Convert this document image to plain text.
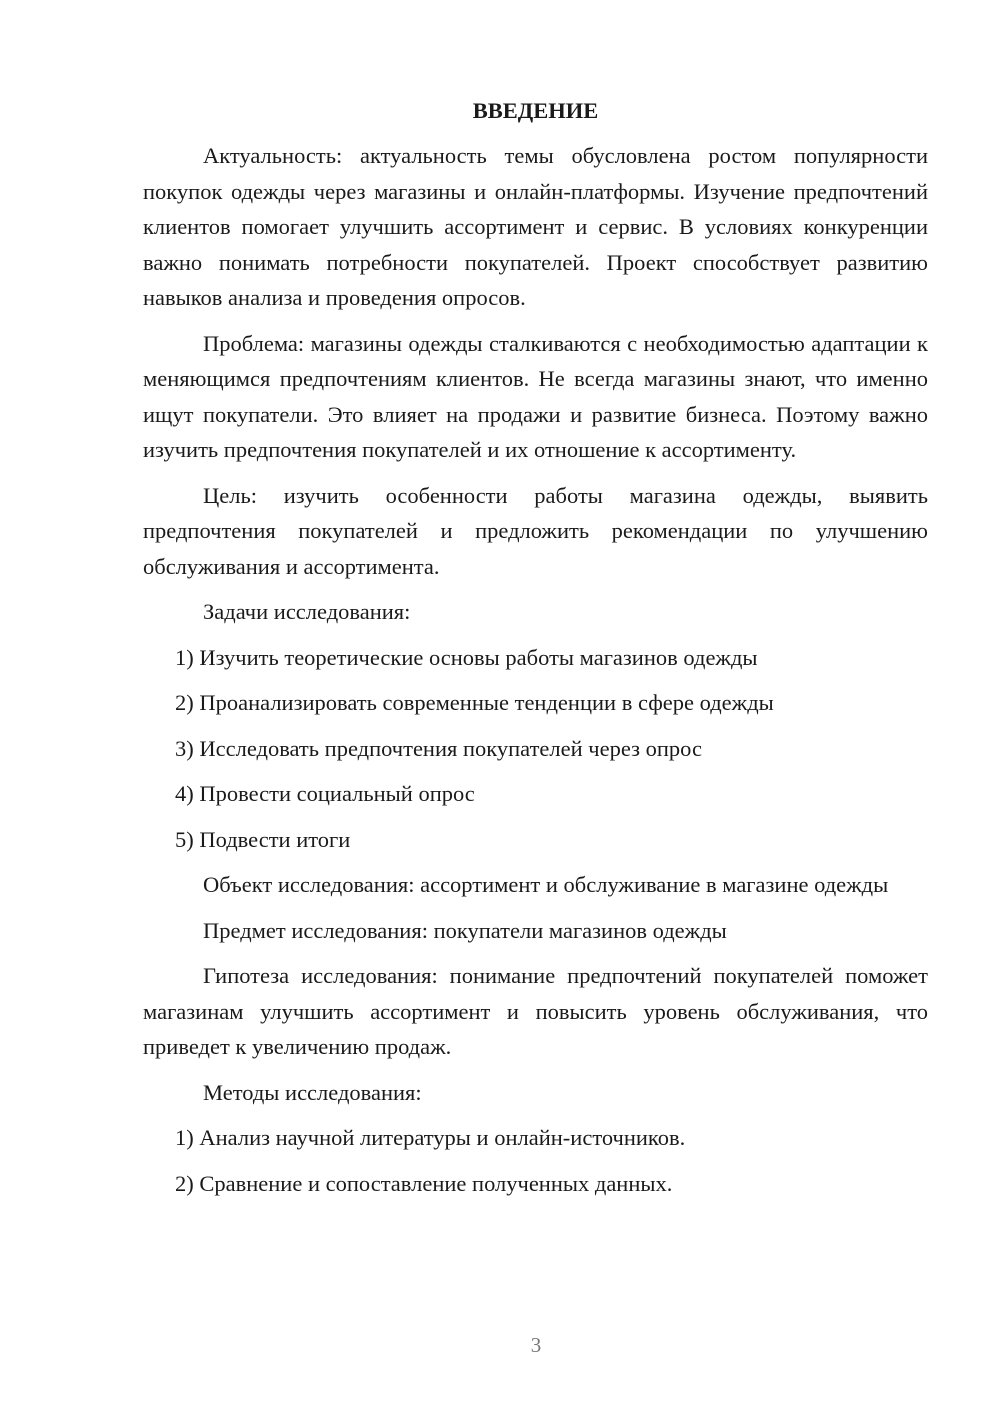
ВВЕДЕНИЕ

Актуальность: актуальность темы обусловлена ростом популярности покупок одежды через магазины и онлайн-платформы. Изучение предпочтений клиентов помогает улучшить ассортимент и сервис. В условиях конкуренции важно понимать потребности покупателей. Проект способствует развитию навыков анализа и проведения опросов.

Проблема: магазины одежды сталкиваются с необходимостью адаптации к меняющимся предпочтениям клиентов. Не всегда магазины знают, что именно ищут покупатели. Это влияет на продажи и развитие бизнеса. Поэтому важно изучить предпочтения покупателей и их отношение к ассортименту.

Цель: изучить особенности работы магазина одежды, выявить предпочтения покупателей и предложить рекомендации по улучшению обслуживания и ассортимента.

Задачи исследования:

1) Изучить теоретические основы работы магазинов одежды

2) Проанализировать современные тенденции в сфере одежды

3) Исследовать предпочтения покупателей через опрос

4) Провести социальный опрос

5) Подвести итоги

Объект исследования: ассортимент и обслуживание в магазине одежды

Предмет исследования: покупатели магазинов одежды

Гипотеза исследования: понимание предпочтений покупателей поможет магазинам улучшить ассортимент и повысить уровень обслуживания, что приведет к увеличению продаж.

Методы исследования:

1) Анализ научной литературы и онлайн-источников.

2) Сравнение и сопоставление полученных данных.

3
